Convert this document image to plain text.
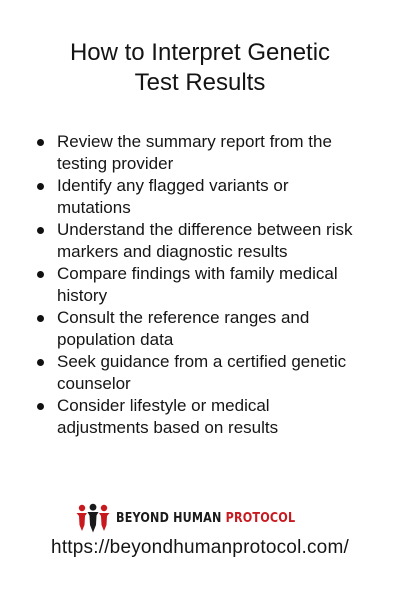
How to Interpret Genetic
Test Results
Review the summary report from the
testing provider
Identify any flagged variants or
mutations
Understand the difference between risk
markers and diagnostic results
Compare findings with family medical
history
Consult the reference ranges and
population data
Seek guidance from a certified genetic
counselor
Consider lifestyle or medical
adjustments based on results
BEYOND HUMAN PROTOCOL
https://beyondhumanprotocol.com/
